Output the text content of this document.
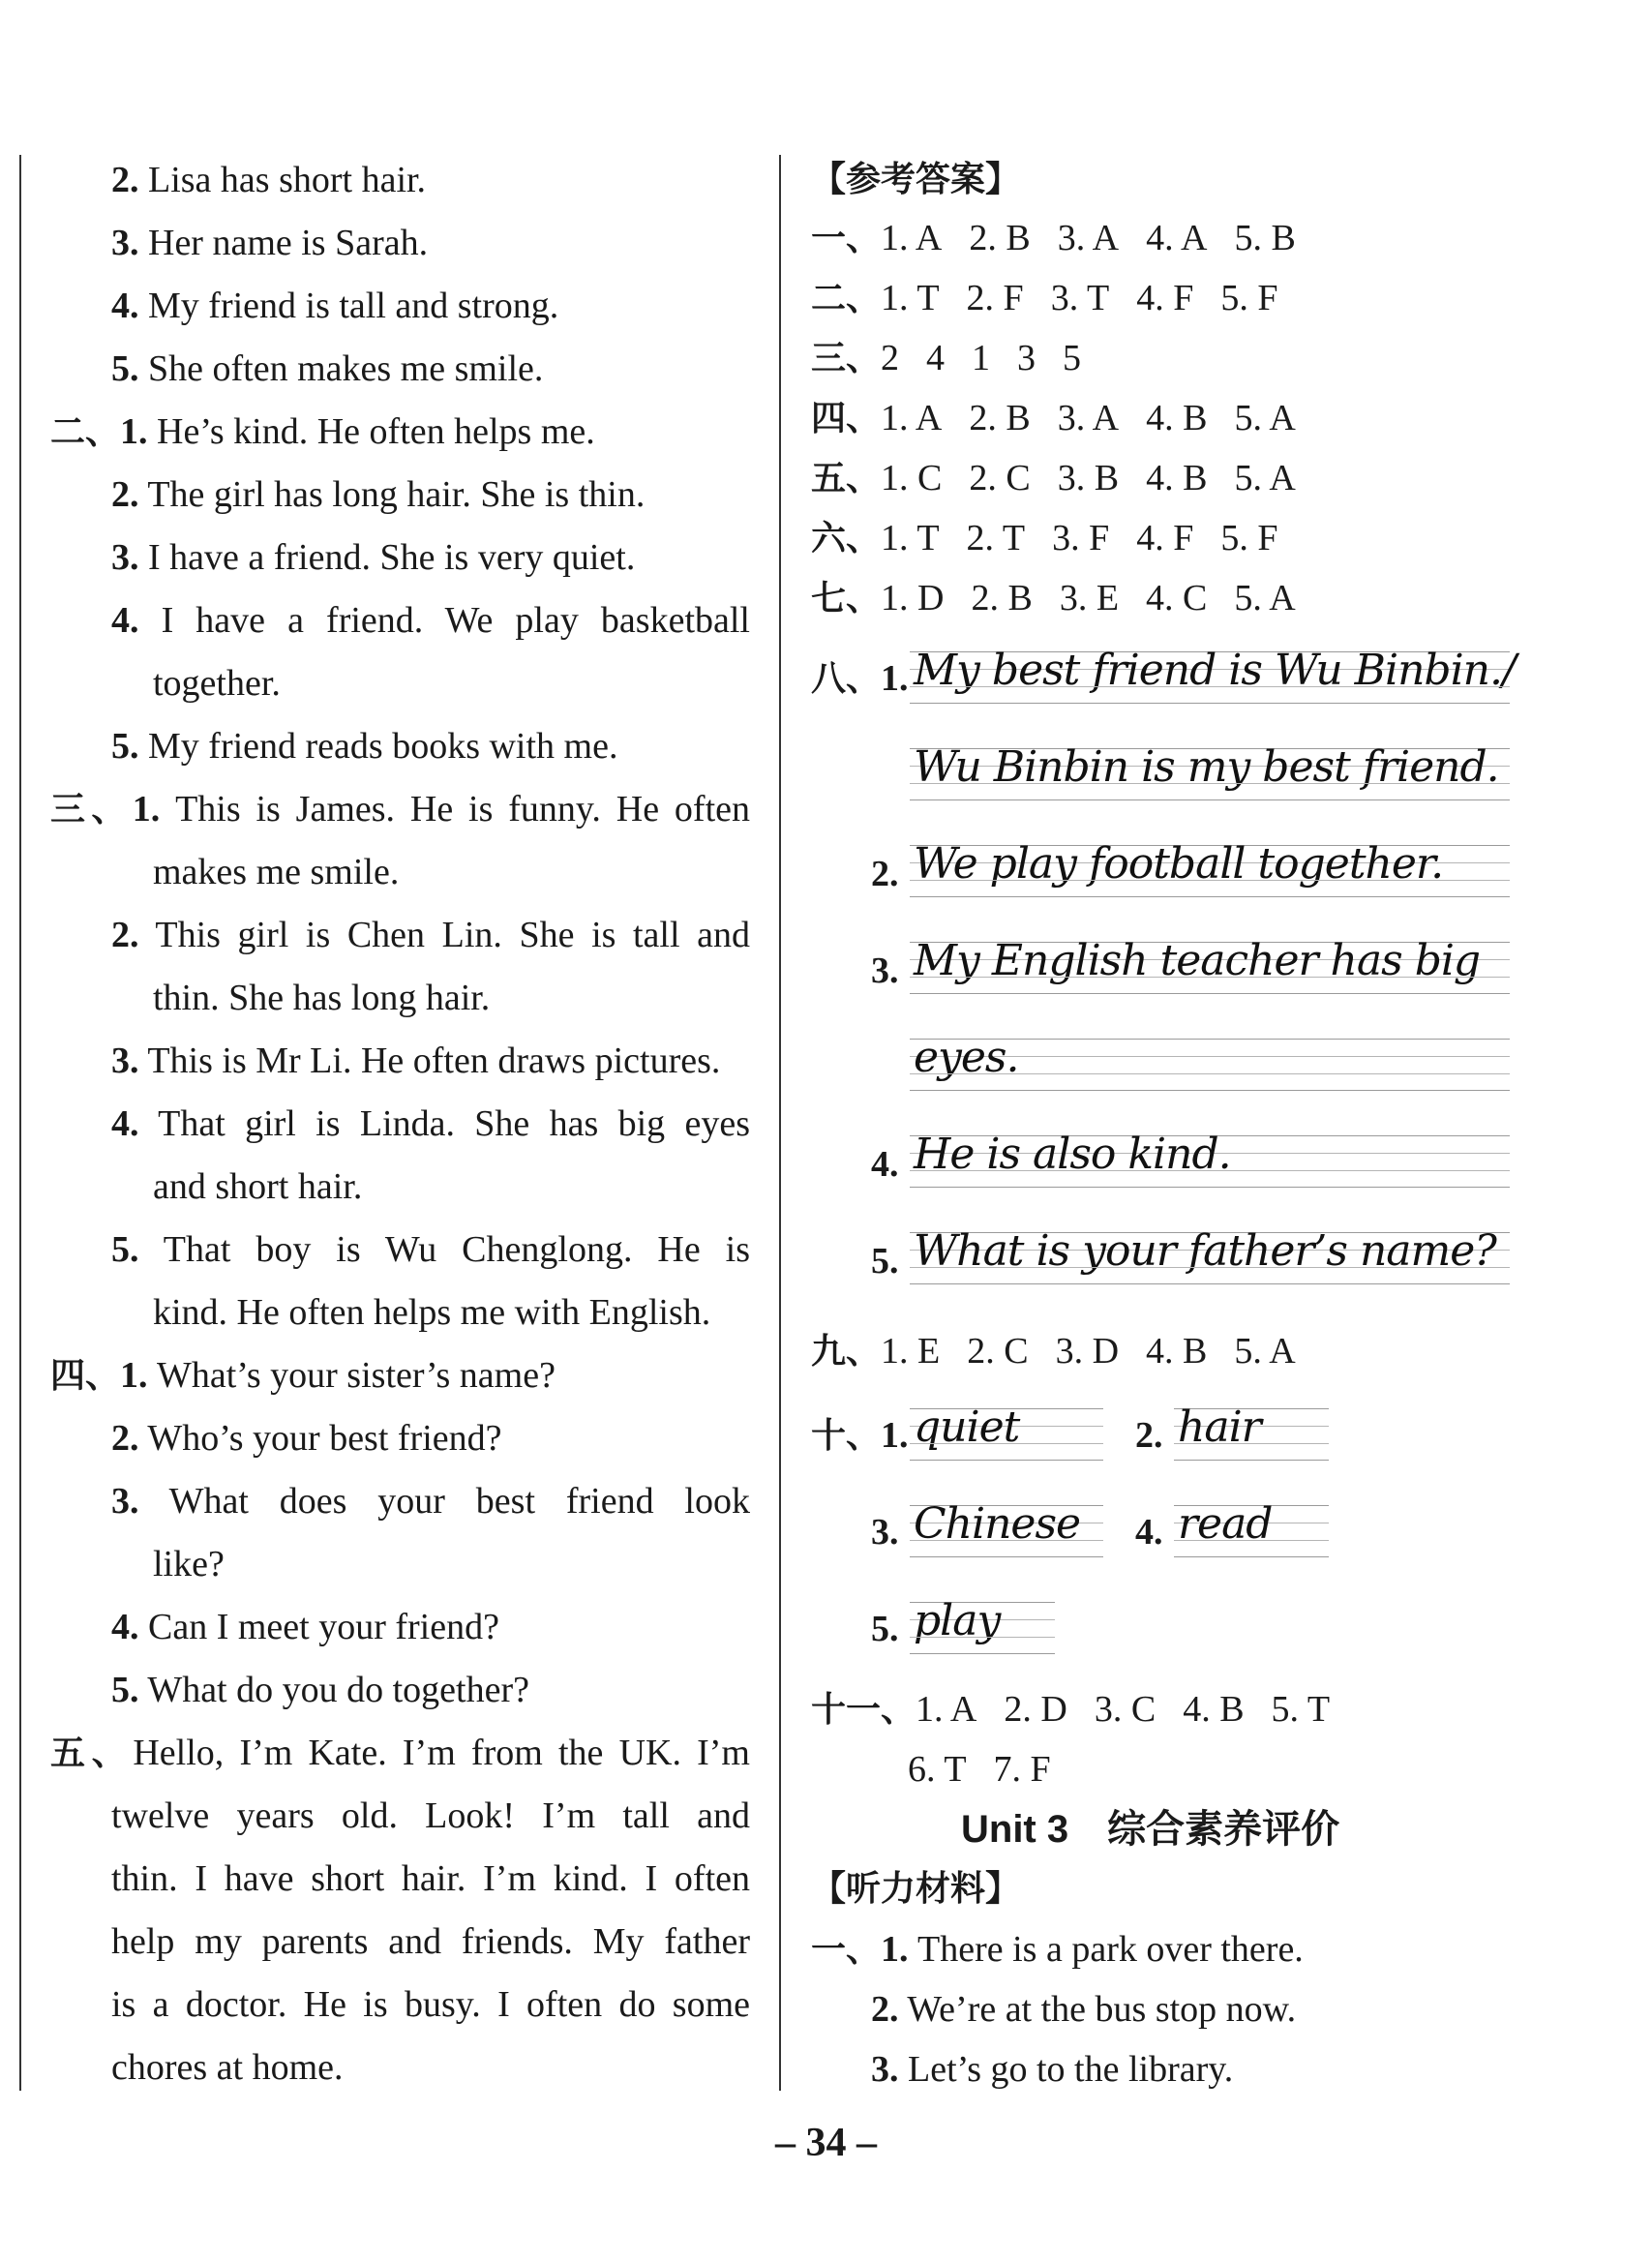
2. Lisa has short hair.
3. Her name is Sarah.
4. My friend is tall and strong.
5. She often makes me smile.
二、1. He’s kind. He often helps me.
2. The girl has long hair. She is thin.
3. I have a friend. She is very quiet.
4. I have a friend. We play basketball
together.
5. My friend reads books with me.
三、1. This is James. He is funny. He often
makes me smile.
2. This girl is Chen Lin. She is tall and
thin. She has long hair.
3. This is Mr Li. He often draws pictures.
4. That girl is Linda. She has big eyes
and short hair.
5. That boy is Wu Chenglong. He is
kind. He often helps me with English.
四、1. What’s your sister’s name?
2. Who’s your best friend?
3. What does your best friend look
like?
4. Can I meet your friend?
5. What do you do together?
五、Hello, I’m Kate. I’m from the UK. I’m
twelve years old. Look! I’m tall and
thin. I have short hair. I’m kind. I often
help my parents and friends. My father
is a doctor. He is busy. I often do some
chores at home.
【参考答案】
一、1. A 2. B 3. A 4. A 5. B
二、1. T 2. F 3. T 4. F 5. F
三、2 4 1 3 5
四、1. A 2. B 3. A 4. B 5. A
五、1. C 2. C 3. B 4. B 5. A
六、1. T 2. T 3. F 4. F 5. F
七、1. D 2. B 3. E 4. C 5. A
八、1. My best friend is Wu Binbin./
Wu Binbin is my best friend.
2. We play football together.
3. My English teacher has big
eyes.
4. He is also kind.
5. What is your father’s name?
九、1. E 2. C 3. D 4. B 5. A
十、1. quiet	2. hair
3. Chinese 4. read
5. play
十一、1. A 2. D 3. C 4. B 5. T
6. T 7. F
Unit 3　综合素养评价
【听力材料】
一、1. There is a park over there.
2. We’re at the bus stop now.
3. Let’s go to the library.
– 34 –
